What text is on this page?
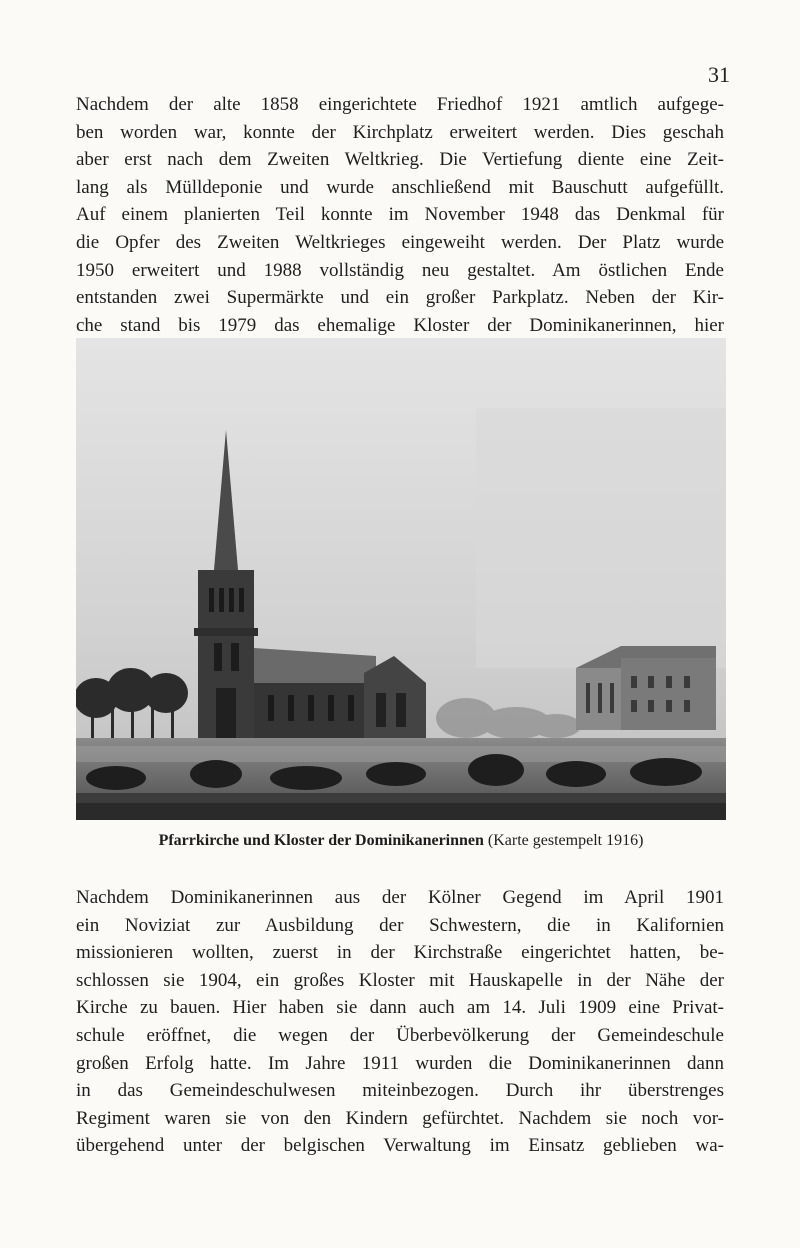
31

Nachdem der alte 1858 eingerichtete Friedhof 1921 amtlich aufgege-
ben worden war, konnte der Kirchplatz erweitert werden. Dies geschah
aber erst nach dem Zweiten Weltkrieg. Die Vertiefung diente eine Zeit-
lang als Mülldeponie und wurde anschließend mit Bauschutt aufgefüllt.
Auf einem planierten Teil konnte im November 1948 das Denkmal für
die Opfer des Zweiten Weltkrieges eingeweiht werden. Der Platz wurde
1950 erweitert und 1988 vollständig neu gestaltet. Am östlichen Ende
entstanden zwei Supermärkte und ein großer Parkplatz. Neben der Kir-
che stand bis 1979 das ehemalige Kloster der Dominikanerinnen, hier

Pfarrkirche und Kloster der Dominikanerinnen (Karte gestempelt 1916)

Nachdem Dominikanerinnen aus der Kölner Gegend im April 1901
ein Noviziat zur Ausbildung der Schwestern, die in Kalifornien
missionieren wollten, zuerst in der Kirchstraße eingerichtet hatten, be-
schlossen sie 1904, ein großes Kloster mit Hauskapelle in der Nähe der
Kirche zu bauen. Hier haben sie dann auch am 14. Juli 1909 eine Privat-
schule eröffnet, die wegen der Überbevölkerung der Gemeindeschule
großen Erfolg hatte. Im Jahre 1911 wurden die Dominikanerinnen dann
in das Gemeindeschulwesen miteinbezogen. Durch ihr überstrenges
Regiment waren sie von den Kindern gefürchtet. Nachdem sie noch vor-
übergehend unter der belgischen Verwaltung im Einsatz geblieben wa-
